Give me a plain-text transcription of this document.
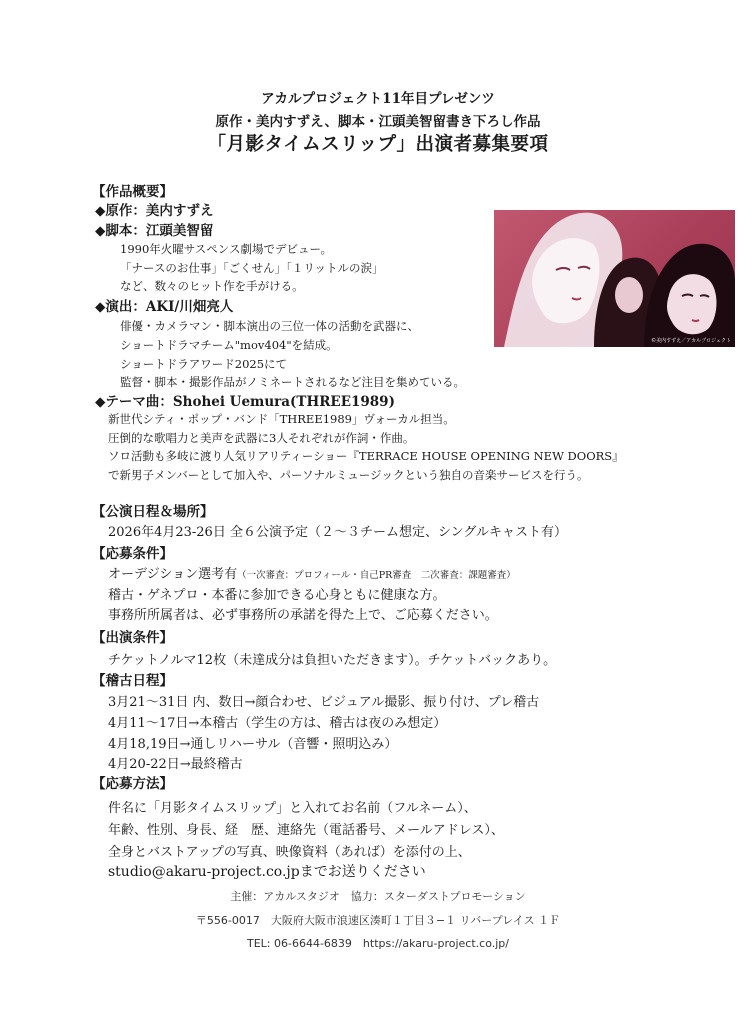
アカルプロジェクト11年目プレゼンツ
原作・美内すずえ、脚本・江頭美智留書き下ろし作品
「月影タイムスリップ」出演者募集要項
【作品概要】
◆原作：美内すずえ
◆脚本：江頭美智留
1990年火曜サスペンス劇場でデビュー。
「ナースのお仕事」「ごくせん」「１リットルの涙」
など、数々のヒット作を手がける。
◆演出：AKI/川畑亮人
俳優・カメラマン・脚本演出の三位一体の活動を武器に、
ショートドラマチーム"mov404"を結成。
ショートドラアワード2025にて
監督・脚本・撮影作品がノミネートされるなど注目を集めている。
◆テーマ曲：Shohei Uemura(THREE1989)
新世代シティ・ポップ・バンド「THREE1989」ヴォーカル担当。
圧倒的な歌唱力と美声を武器に3人それぞれが作詞・作曲。
ソロ活動も多岐に渡り人気リアリティーショー『TERRACE HOUSE OPENING NEW DOORS』
で新男子メンバーとして加入や、パーソナルミュージックという独自の音楽サービスを行う。
©美内すずえ／アカルプロジェクト
【公演日程＆場所】
2026年4月23-26日 全６公演予定（２〜３チーム想定、シングルキャスト有）
【応募条件】
オーデジション選考有（一次審査：プロフィール・自己PR審査　二次審査：課題審査）
稽古・ゲネプロ・本番に参加できる心身ともに健康な方。
事務所所属者は、必ず事務所の承諾を得た上で、ご応募ください。
【出演条件】
チケットノルマ12枚（未達成分は負担いただきます）。チケットバックあり。
【稽古日程】
3月21〜31日 内、数日→顔合わせ、ビジュアル撮影、振り付け、プレ稽古
4月11〜17日→本稽古（学生の方は、稽古は夜のみ想定）
4月18,19日→通しリハーサル（音響・照明込み）
4月20-22日→最終稽古
【応募方法】
件名に「月影タイムスリップ」と入れてお名前（フルネーム）、
年齢、性別、身長、経　歴、連絡先（電話番号、メールアドレス）、
全身とバストアップの写真、映像資料（あれば）を添付の上、
studio@akaru-project.co.jpまでお送りください
主催：アカルスタジオ　協力：スターダストプロモーション
〒556-0017　大阪府大阪市浪速区湊町１丁目３−１ リバープレイス １Ｆ
TEL: 06-6644-6839　https://akaru-project.co.jp/
